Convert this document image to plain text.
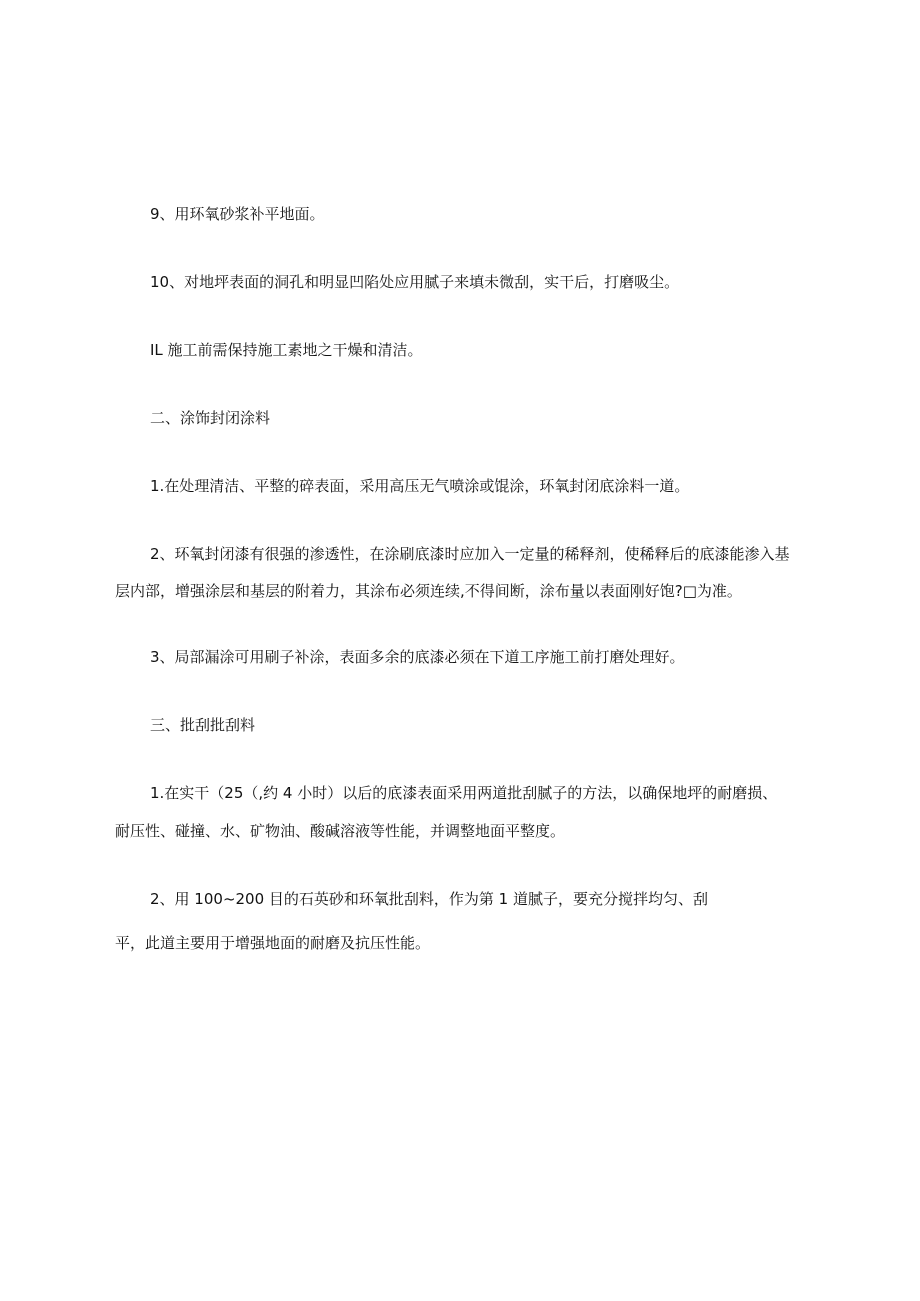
9、用环氧砂浆补平地面。
10、对地坪表面的洞孔和明显凹陷处应用腻子来填未微刮，实干后，打磨吸尘。
IL 施工前需保持施工素地之干燥和清洁。
二、涂饰封闭涂料
1.在处理清洁、平整的碎表面，采用高压无气喷涂或馄涂，环氧封闭底涂料一道。
2、环氧封闭漆有很强的渗透性，在涂刷底漆时应加入一定量的稀释剂，使稀释后的底漆能渗入基
层内部，增强涂层和基层的附着力，其涂布必须连续,不得间断，涂布量以表面刚好饱?□为准。
3、局部漏涂可用刷子补涂，表面多余的底漆必须在下道工序施工前打磨处理好。
三、批刮批刮料
1.在实干（25（,约 4 小时）以后的底漆表面采用两道批刮腻子的方法，以确保地坪的耐磨损、
耐压性、碰撞、水、矿物油、酸碱溶液等性能，并调整地面平整度。
2、用 100~200 目的石英砂和环氧批刮料，作为第 1 道腻子，要充分搅拌均匀、刮
平，此道主要用于增强地面的耐磨及抗压性能。
